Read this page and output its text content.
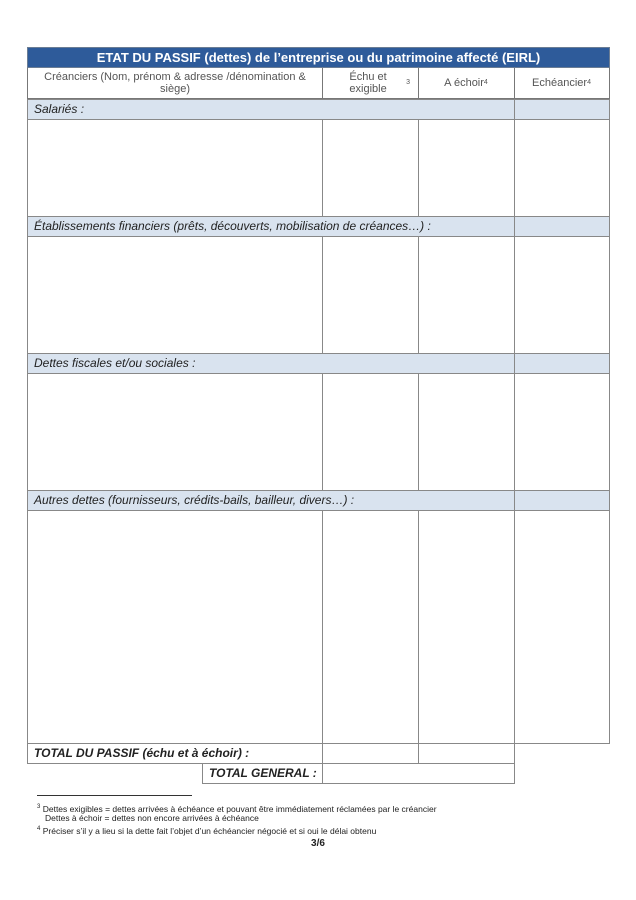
ETAT DU PASSIF (dettes) de l’entreprise ou du patrimoine affecté (EIRL)
Créanciers (Nom, prénom & adresse /dénomination & siège)
Échu et exigible
3	A échoir 4	Echéancier 4
Salariés :
Établissements financiers (prêts, découverts, mobilisation de créances…) :
Dettes fiscales et/ou sociales :
Autres dettes (fournisseurs, crédits-bails, bailleur, divers…) :
TOTAL DU PASSIF (échu et à échoir) :
TOTAL GENERAL :
$^3$ Dettes exigibles = dettes arrivées à échéance et pouvant être immédiatement réclamées par le créancier
Dettes à échoir = dettes non encore arrivées à échéance
$^4$ Préciser s’il y a lieu si la dette fait l’objet d’un échéancier négocié et si oui le délai obtenu
3/6
